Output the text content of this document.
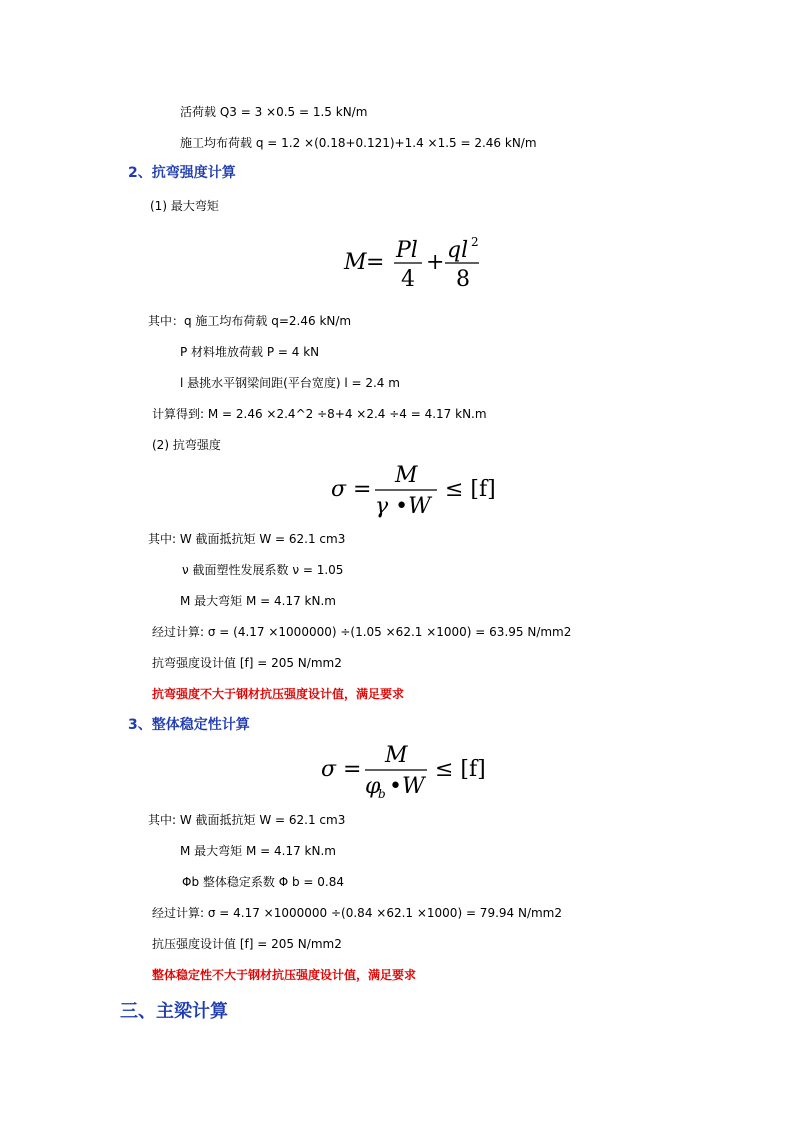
活荷载 Q3 = 3 ×0.5 = 1.5 kN/m
施工均布荷载 q = 1.2 ×(0.18+0.121)+1.4 ×1.5 = 2.46 kN/m
2、抗弯强度计算
(1) 最大弯矩
M = Pl
4
+ ql 2
8
其中：q 施工均布荷载 q=2.46 kN/m
P 材料堆放荷载 P = 4 kN
l 悬挑水平钢梁间距(平台宽度) l = 2.4 m
计算得到: M = 2.46 ×2.4^2 ÷8+4 ×2.4 ÷4 = 4.17 kN.m
(2) 抗弯强度
σ =
M
γ •W
≤ [f]
其中: W 截面抵抗矩 W = 62.1 cm3
ν 截面塑性发展系数 ν = 1.05
M 最大弯矩 M = 4.17 kN.m
经过计算: σ = (4.17 ×1000000) ÷(1.05 ×62.1 ×1000) = 63.95 N/mm2
抗弯强度设计值 [f] = 205 N/mm2
抗弯强度不大于钢材抗压强度设计值，满足要求
3、整体稳定性计算
σ =
M
φ
b •W
≤ [f]
其中: W 截面抵抗矩 W = 62.1 cm3
M 最大弯矩 M = 4.17 kN.m
Φb 整体稳定系数 Φ b = 0.84
经过计算: σ = 4.17 ×1000000 ÷(0.84 ×62.1 ×1000) = 79.94 N/mm2
抗压强度设计值 [f] = 205 N/mm2
整体稳定性不大于钢材抗压强度设计值，满足要求
三、主梁计算
